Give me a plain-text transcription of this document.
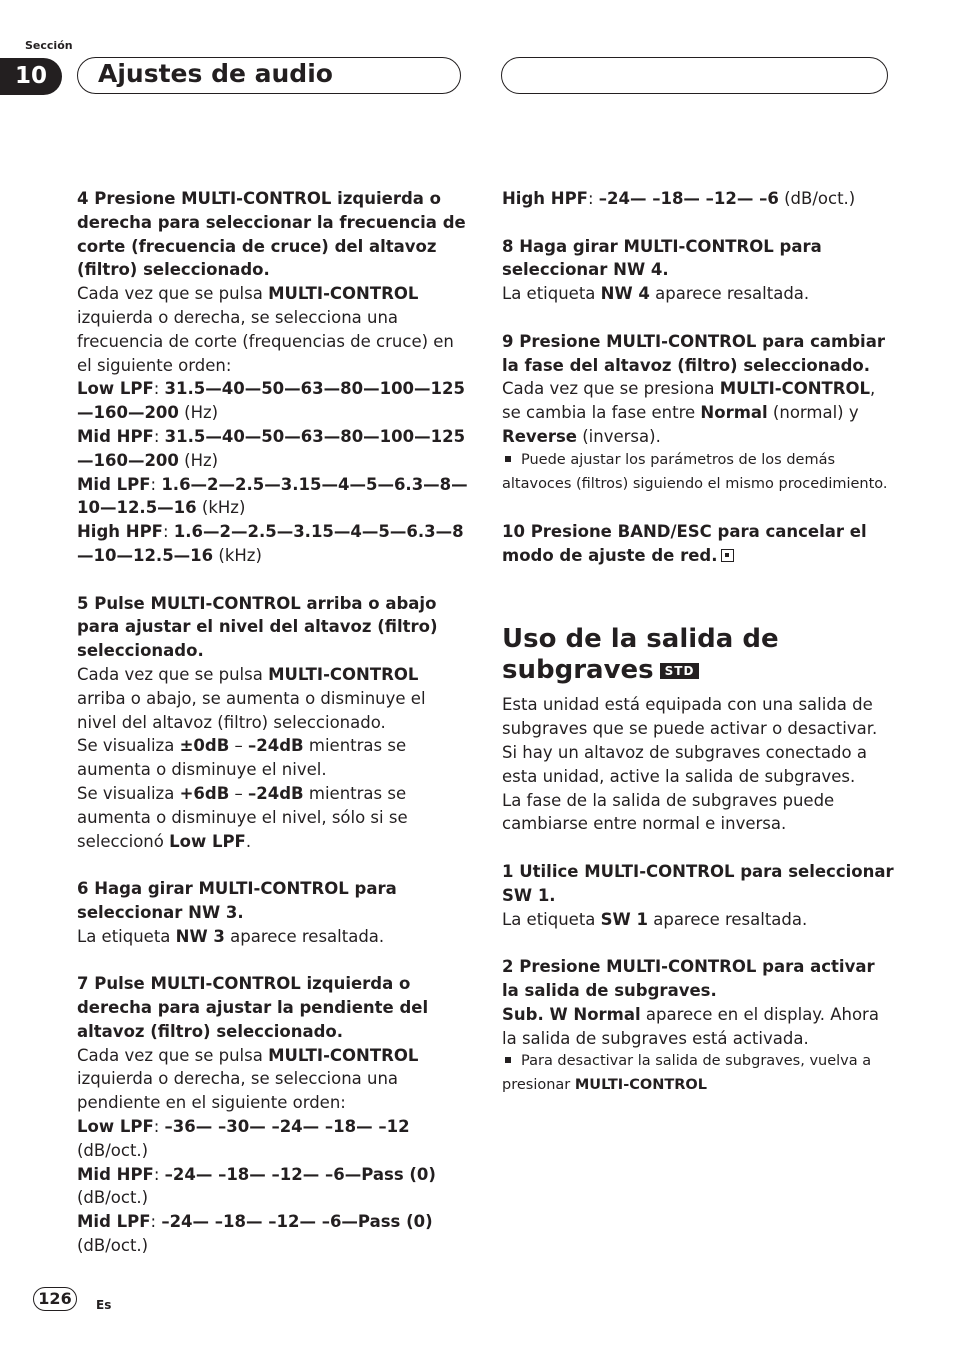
Sección
10	Ajustes de audio

4 Presione MULTI-CONTROL izquierda o derecha para seleccionar la frecuencia de corte (frecuencia de cruce) del altavoz (filtro) seleccionado.

Cada vez que se pulsa MULTI-CONTROL izquierda o derecha, se selecciona una frecuencia de corte (frequencias de cruce) en el siguiente orden:

Low LPF: 31.5—40—50—63—80—100—125—160—200 (Hz)

Mid HPF: 31.5—40—50—63—80—100—125—160—200 (Hz)

Mid LPF: 1.6—2—2.5—3.15—4—5—6.3—8—10—12.5—16 (kHz)

High HPF: 1.6—2—2.5—3.15—4—5—6.3—8—10—12.5—16 (kHz)

5 Pulse MULTI-CONTROL arriba o abajo para ajustar el nivel del altavoz (filtro) seleccionado.

Cada vez que se pulsa MULTI-CONTROL arriba o abajo, se aumenta o disminuye el nivel del altavoz (filtro) seleccionado.

Se visualiza ±0dB – –24dB mientras se aumenta o disminuye el nivel.

Se visualiza +6dB – –24dB mientras se aumenta o disminuye el nivel, sólo si se seleccionó Low LPF.

6 Haga girar MULTI-CONTROL para seleccionar NW 3.

La etiqueta NW 3 aparece resaltada.

7 Pulse MULTI-CONTROL izquierda o derecha para ajustar la pendiente del altavoz (filtro) seleccionado.

Cada vez que se pulsa MULTI-CONTROL izquierda o derecha, se selecciona una pendiente en el siguiente orden:

Low LPF: –36— –30— –24— –18— –12 (dB/oct.)

Mid HPF: –24— –18— –12— –6—Pass (0) (dB/oct.)

Mid LPF: –24— –18— –12— –6—Pass (0) (dB/oct.)

High HPF: –24— –18— –12— –6 (dB/oct.)

8 Haga girar MULTI-CONTROL para seleccionar NW 4.

La etiqueta NW 4 aparece resaltada.

9 Presione MULTI-CONTROL para cambiar la fase del altavoz (filtro) seleccionado.

Cada vez que se presiona MULTI-CONTROL, se cambia la fase entre Normal (normal) y Reverse (inversa).

Puede ajustar los parámetros de los demás altavoces (filtros) siguiendo el mismo procedimiento.

10 Presione BAND/ESC para cancelar el modo de ajuste de red.

Uso de la salida de subgraves STD

Esta unidad está equipada con una salida de subgraves que se puede activar o desactivar. Si hay un altavoz de subgraves conectado a esta unidad, active la salida de subgraves.

La fase de la salida de subgraves puede cambiarse entre normal e inversa.

1 Utilice MULTI-CONTROL para seleccionar SW 1.

La etiqueta SW 1 aparece resaltada.

2 Presione MULTI-CONTROL para activar la salida de subgraves.

Sub. W Normal aparece en el display. Ahora la salida de subgraves está activada.

Para desactivar la salida de subgraves, vuelva a presionar MULTI-CONTROL

126	Es
